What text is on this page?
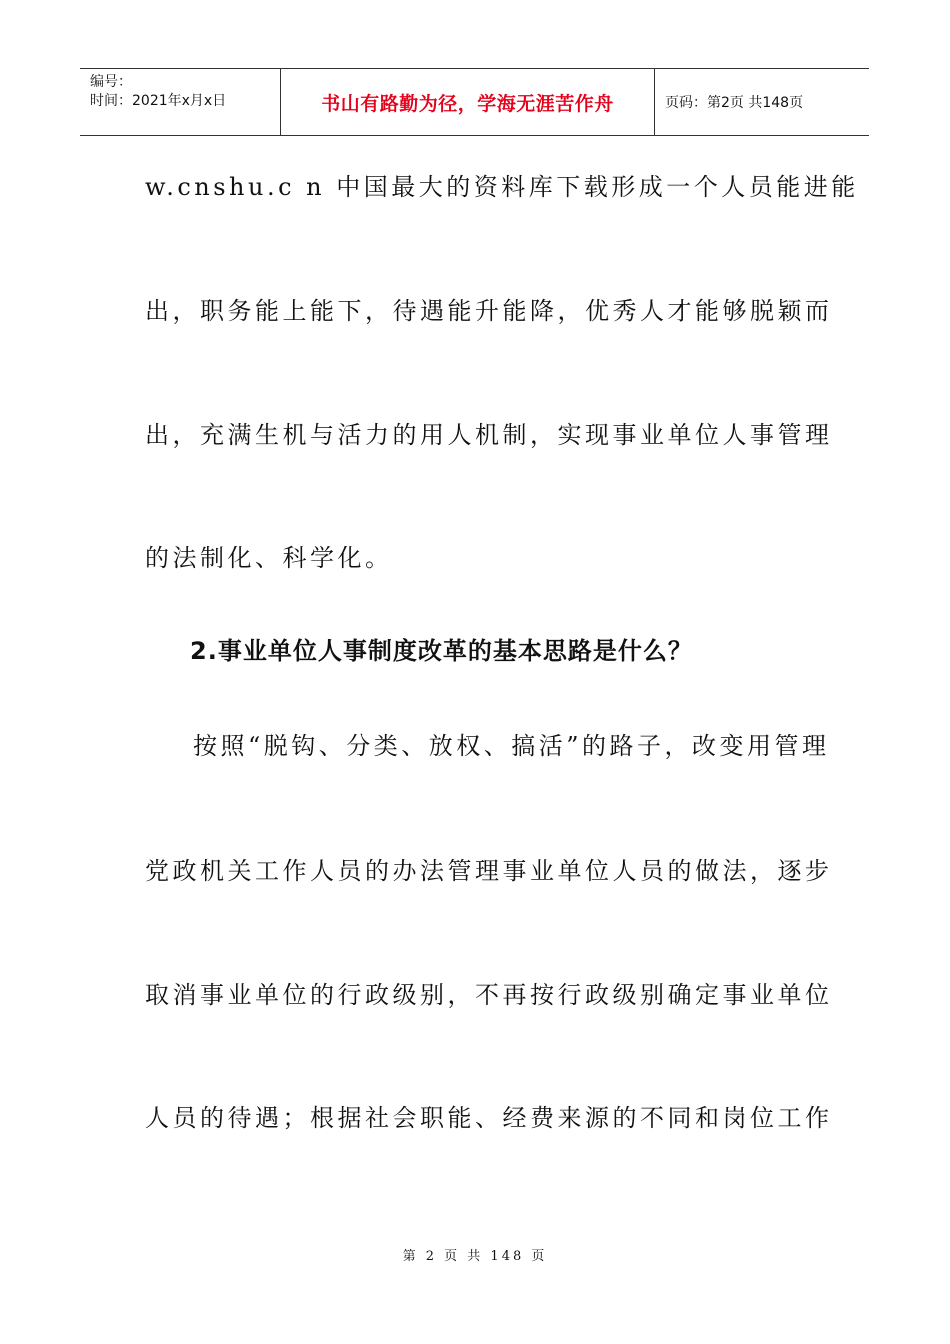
编号：
时间：2021年x月x日	书山有路勤为径，学海无涯苦作舟	页码：第2页 共148页
w.cnshu.c n 中国最大的资料库下载形成一个人员能进能
出，职务能上能下，待遇能升能降，优秀人才能够脱颖而
出，充满生机与活力的用人机制，实现事业单位人事管理
的法制化、科学化。
2.事业单位人事制度改革的基本思路是什么？
按照“脱钩、分类、放权、搞活”的路子，改变用管理
党政机关工作人员的办法管理事业单位人员的做法，逐步
取消事业单位的行政级别，不再按行政级别确定事业单位
人员的待遇；根据社会职能、经费来源的不同和岗位工作
第 2 页 共 148 页
